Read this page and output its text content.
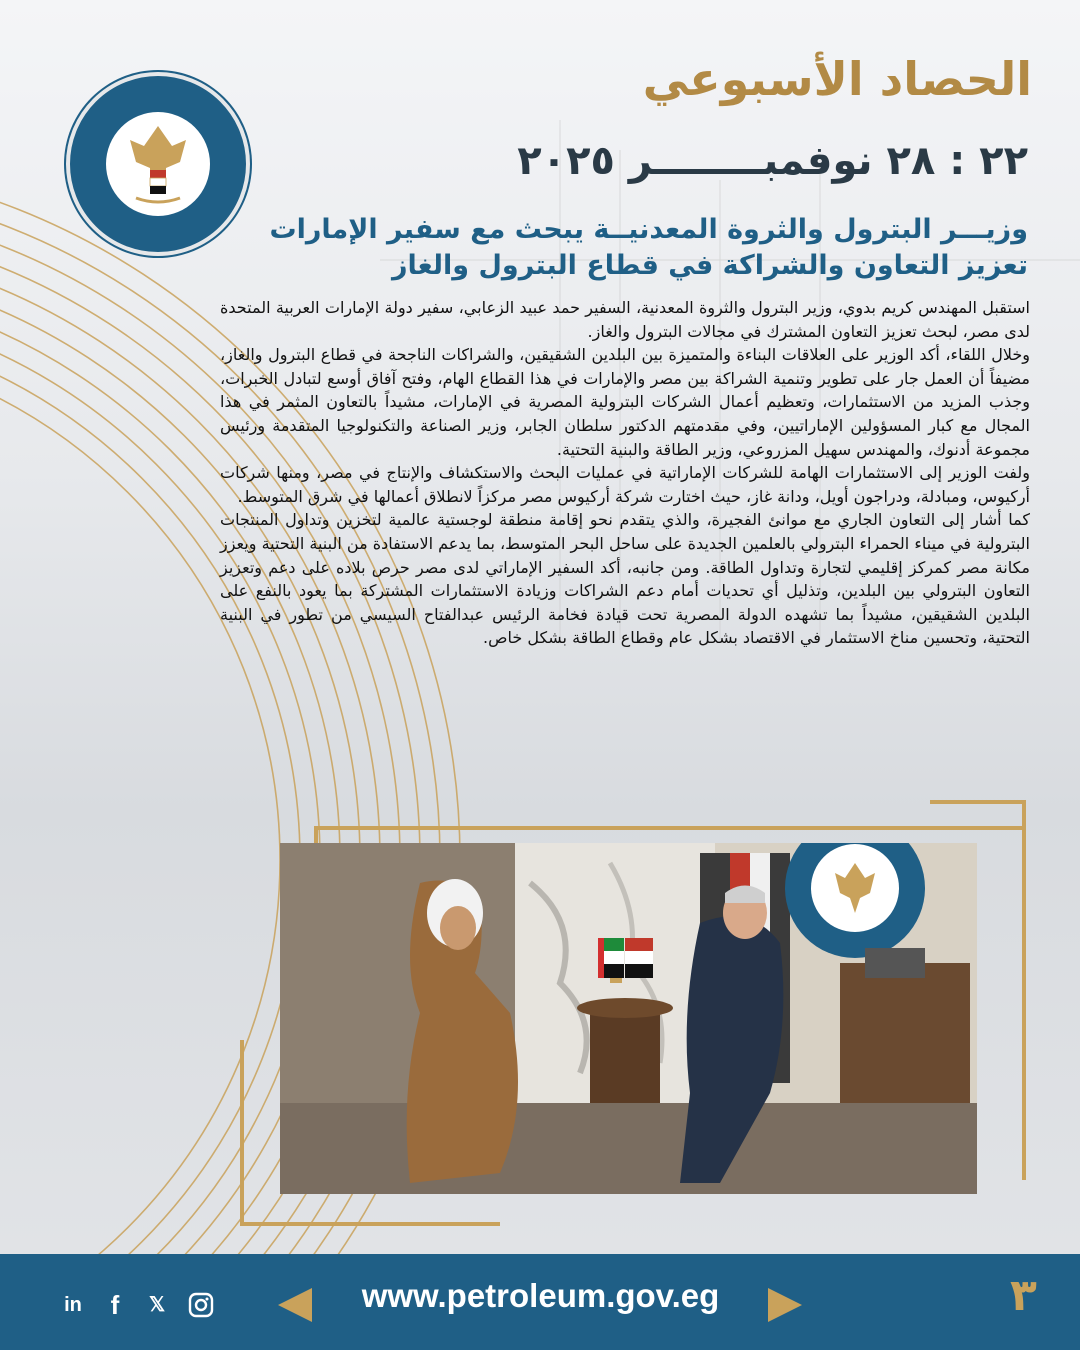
الحصاد الأسبوعي
٢٢ : ٢٨ نوفمبــــــــر ٢٠٢٥
وزيـــر البترول والثروة المعدنيــة يبحث مع سفير الإمارات
تعزيز التعاون والشراكة في قطاع البترول والغاز

استقبل المهندس كريم بدوي، وزير البترول والثروة المعدنية، السفير حمد عبيد الزعابي، سفير دولة الإمارات العربية المتحدة لدى مصر، لبحث تعزيز التعاون المشترك في مجالات البترول والغاز.

وخلال اللقاء، أكد الوزير على العلاقات البناءة والمتميزة بين البلدين الشقيقين، والشراكات الناجحة في قطاع البترول والغاز، مضيفاً أن العمل جار على تطوير وتنمية الشراكة بين مصر والإمارات في هذا القطاع الهام، وفتح آفاق أوسع لتبادل الخبرات، وجذب المزيد من الاستثمارات، وتعظيم أعمال الشركات البترولية المصرية في الإمارات، مشيداً بالتعاون المثمر في هذا المجال مع كبار المسؤولين الإماراتيين، وفي مقدمتهم الدكتور سلطان الجابر، وزير الصناعة والتكنولوجيا المتقدمة ورئيس مجموعة أدنوك، والمهندس سهيل المزروعي، وزير الطاقة والبنية التحتية.

ولفت الوزير إلى الاستثمارات الهامة للشركات الإماراتية في عمليات البحث والاستكشاف والإنتاج في مصر، ومنها شركات أركيوس، ومبادلة، ودراجون أويل، ودانة غاز، حيث اختارت شركة أركيوس مصر مركزاً لانطلاق أعمالها في شرق المتوسط.

كما أشار إلى التعاون الجاري مع موانئ الفجيرة، والذي يتقدم نحو إقامة منطقة لوجستية عالمية لتخزين وتداول المنتجات البترولية في ميناء الحمراء البترولي بالعلمين الجديدة على ساحل البحر المتوسط، بما يدعم الاستفادة من البنية التحتية ويعزز مكانة مصر كمركز إقليمي لتجارة وتداول الطاقة. ومن جانبه، أكد السفير الإماراتي لدى مصر حرص بلاده على دعم وتعزيز التعاون البترولي بين البلدين، وتذليل أي تحديات أمام دعم الشراكات وزيادة الاستثمارات المشتركة بما يعود بالنفع على البلدين الشقيقين، مشيداً بما تشهده الدولة المصرية تحت قيادة فخامة الرئيس عبدالفتاح السيسي من تطور في البنية التحتية، وتحسين مناخ الاستثمار في الاقتصاد بشكل عام وقطاع الطاقة بشكل خاص.

in	f	𝕏	www.petroleum.gov.eg	٣
